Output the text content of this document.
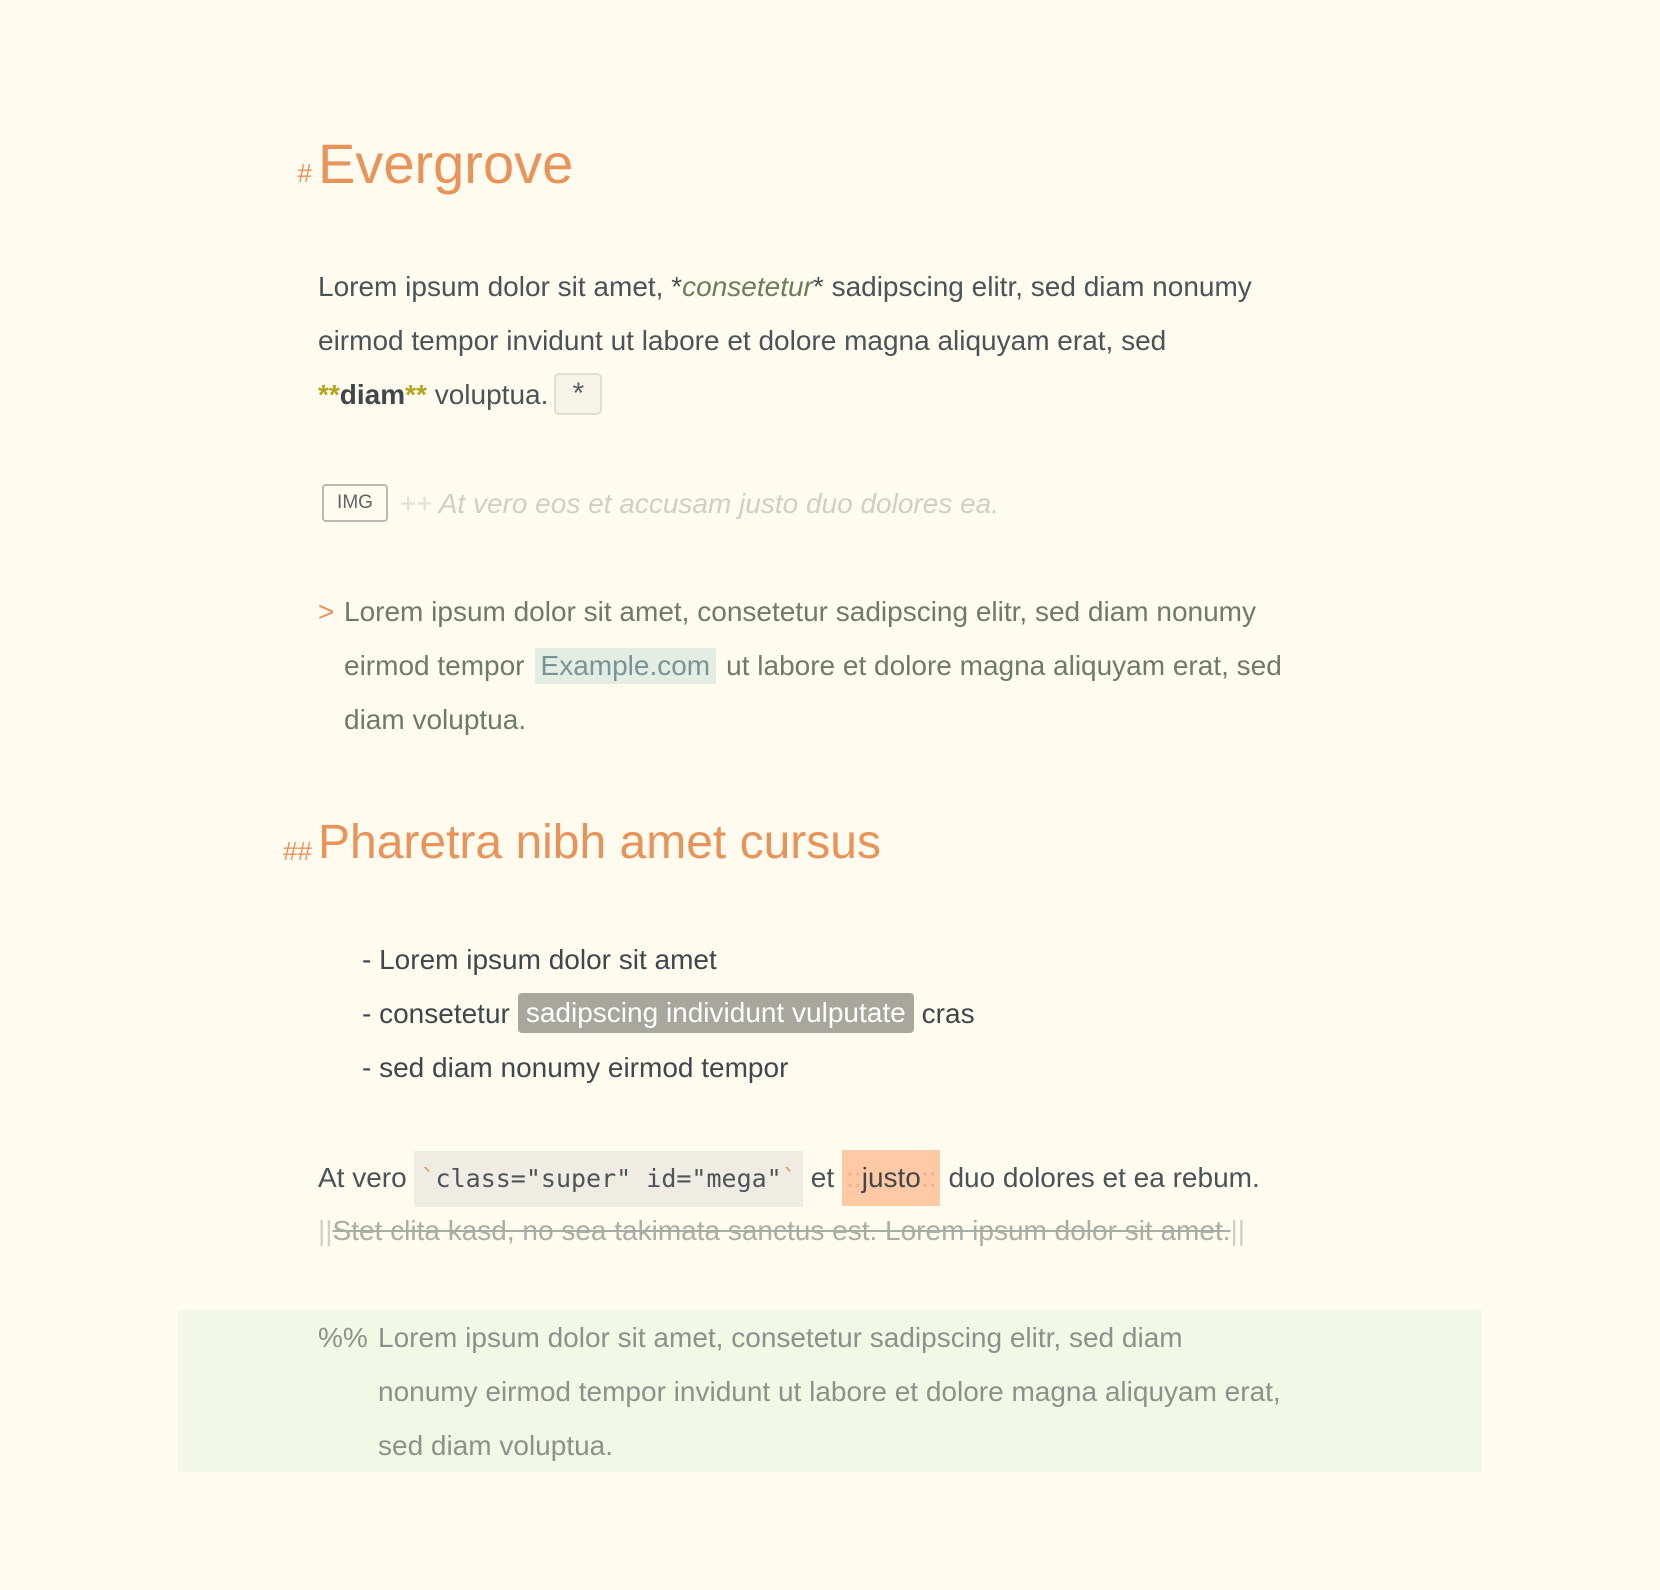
# Evergrove
Lorem ipsum dolor sit amet, *consetetur* sadipscing elitr, sed diam nonumy
eirmod tempor invidunt ut labore et dolore magna aliquyam erat, sed
**diam** voluptua. *
IMG ++ At vero eos et accusam justo duo dolores ea.
> Lorem ipsum dolor sit amet, consetetur sadipscing elitr, sed diam nonumy
eirmod tempor Example.com ut labore et dolore magna aliquyam erat, sed
diam voluptua.
## Pharetra nibh amet cursus
- Lorem ipsum dolor sit amet
- consetetur sadipscing individunt vulputate cras
- sed diam nonumy eirmod tempor
At vero `class="super" id="mega"` et ::justo:: duo dolores et ea rebum.
||Stet clita kasd, no sea takimata sanctus est. Lorem ipsum dolor sit amet.||
%% Lorem ipsum dolor sit amet, consetetur sadipscing elitr, sed diam
nonumy eirmod tempor invidunt ut labore et dolore magna aliquyam erat,
sed diam voluptua.
